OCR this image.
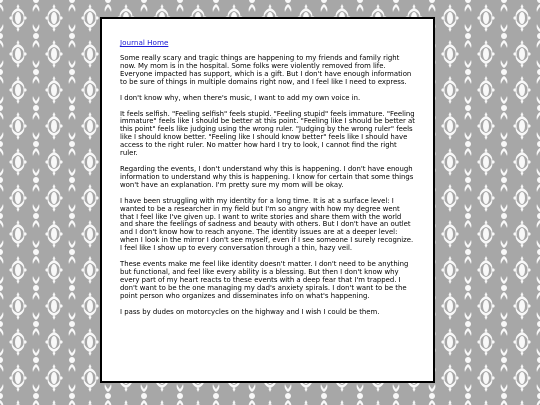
Journal Home

Some really scary and tragic things are happening to my friends and family right now. My mom is in the hospital. Some folks were violently removed from life. Everyone impacted has support, which is a gift. But I don't have enough information to be sure of things in multiple domains right now, and I feel like I need to express.

I don't know why, when there's music, I want to add my own voice in.

It feels selfish. "Feeling selfish" feels stupid. "Feeling stupid" feels immature. "Feeling immature" feels like I should be better at this point. "Feeling like I should be better at this point" feels like judging using the wrong ruler. "Judging by the wrong ruler" feels like I should know better. "Feeling like I should know better" feels like I should have access to the right ruler. No matter how hard I try to look, I cannot find the right ruler.

Regarding the events, I don't understand why this is happening. I don't have enough information to understand why this is happening. I know for certain that some things won't have an explanation. I'm pretty sure my mom will be okay.

I have been struggling with my identity for a long time. It is at a surface level: I wanted to be a researcher in my field but I'm so angry with how my degree went that I feel like I've given up. I want to write stories and share them with the world and share the feelings of sadness and beauty with others. But I don't have an outlet and I don't know how to reach anyone. The identity issues are at a deeper level: when I look in the mirror I don't see myself, even if I see someone I surely recognize. I feel like I show up to every conversation through a thin, hazy veil.

These events make me feel like identity doesn't matter. I don't need to be anything but functional, and feel like every ability is a blessing. But then I don't know why every part of my heart reacts to these events with a deep fear that I'm trapped. I don't want to be the one managing my dad's anxiety spirals. I don't want to be the point person who organizes and disseminates info on what's happening.

I pass by dudes on motorcycles on the highway and I wish I could be them.
